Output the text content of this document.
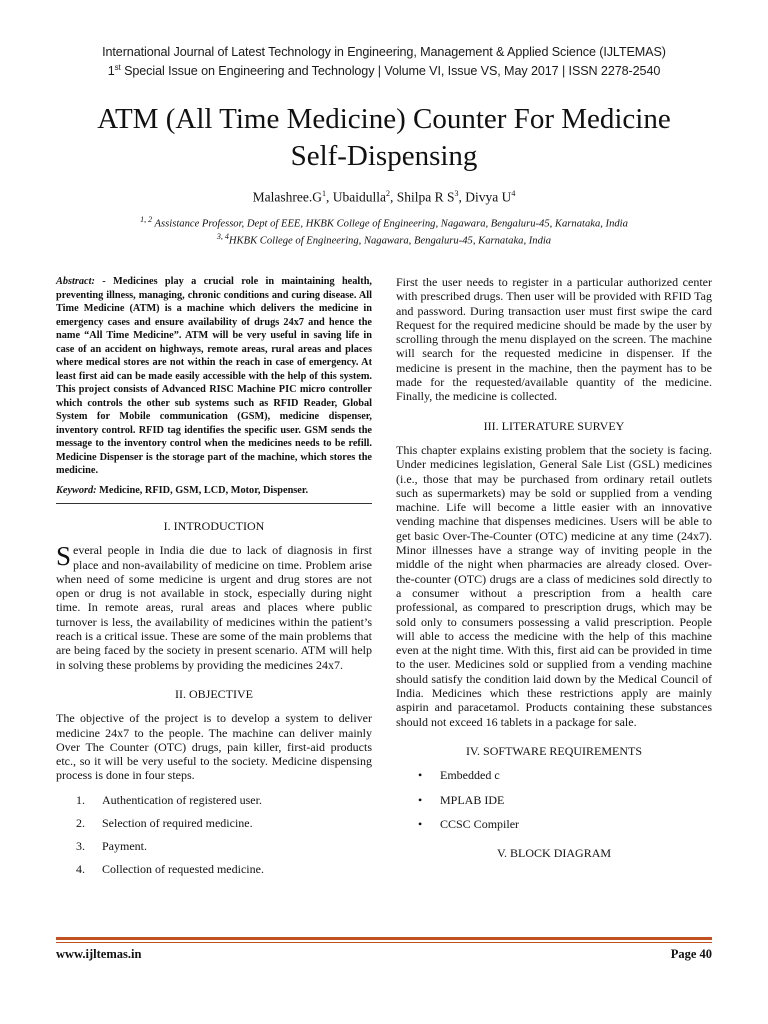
International Journal of Latest Technology in Engineering, Management & Applied Science (IJLTEMAS)
1st Special Issue on Engineering and Technology | Volume VI, Issue VS, May 2017 | ISSN 2278-2540
ATM (All Time Medicine) Counter For Medicine
Self-Dispensing
$Malashree.G^1$, Ubaidulla$^2$, Shilpa R $S^3$, Divya $U^4$
$^{1, 2}$ Assistance Professor, Dept of EEE, HKBK College of Engineering, Nagawara, Bengaluru-45, Karnataka, India
$^{3, 4}$HKBK College of Engineering, Nagawara, Bengaluru-45, Karnataka, India

Abstract: - Medicines play a crucial role in maintaining health, preventing illness, managing, chronic conditions and curing disease. All Time Medicine (ATM) is a machine which delivers the medicine in emergency cases and ensure availability of drugs 24x7 and hence the name “All Time Medicine”. ATM will be very useful in saving life in case of an accident on highways, remote areas, rural areas and places where medical stores are not within the reach in case of emergency. At least first aid can be made easily accessible with the help of this system. This project consists of Advanced RISC Machine PIC micro controller which controls the other sub systems such as RFID Reader, Global System for Mobile communication (GSM), medicine dispenser, inventory control. RFID tag identifies the specific user. GSM sends the message to the inventory control when the medicines needs to be refill. Medicine Dispenser is the storage part of the machine, which stores the medicine.

Keyword: Medicine, RFID, GSM, LCD, Motor, Dispenser.

I. INTRODUCTION

Several people in India die due to lack of diagnosis in first place and non-availability of medicine on time. Problem arise when need of some medicine is urgent and drug stores are not open or drug is not available in stock, especially during night time. In remote areas, rural areas and places where public turnover is less, the availability of medicines within the patient’s reach is a critical issue. These are some of the main problems that are being faced by the society in present scenario. ATM will help in solving these problems by providing the medicines 24x7.

II. OBJECTIVE

The objective of the project is to develop a system to deliver medicine 24x7 to the people. The machine can deliver mainly Over The Counter (OTC) drugs, pain killer, first-aid products etc., so it will be very useful to the society. Medicine dispensing process is done in four steps.

1. Authentication of registered user.
2. Selection of required medicine.
3. Payment.
4. Collection of requested medicine.

First the user needs to register in a particular authorized center with prescribed drugs. Then user will be provided with RFID Tag and password. During transaction user must first swipe the card Request for the required medicine should be made by the user by scrolling through the menu displayed on the screen. The machine will search for the requested medicine in dispenser. If the medicine is present in the machine, then the payment has to be made for the requested/available quantity of the medicine. Finally, the medicine is collected.

III. LITERATURE SURVEY

This chapter explains existing problem that the society is facing. Under medicines legislation, General Sale List (GSL) medicines (i.e., those that may be purchased from ordinary retail outlets such as supermarkets) may be sold or supplied from a vending machine. Life will become a little easier with an innovative vending machine that dispenses medicines. Users will be able to get basic Over-The-Counter (OTC) medicine at any time (24x7). Minor illnesses have a strange way of inviting people in the middle of the night when pharmacies are already closed. Over-the-counter (OTC) drugs are a class of medicines sold directly to a consumer without a prescription from a health care professional, as compared to prescription drugs, which may be sold only to consumers possessing a valid prescription. People will able to access the medicine with the help of this machine even at the night time. With this, first aid can be provided in time to the user. Medicines sold or supplied from a vending machine should satisfy the condition laid down by the Medical Council of India. Medicines which these restrictions apply are mainly aspirin and paracetamol. Products containing these substances should not exceed 16 tablets in a package for sale.

IV. SOFTWARE REQUIREMENTS
• Embedded c
• MPLAB IDE
• CCSC Compiler
V. BLOCK DIAGRAM
www.ijltemas.in	Page 40
